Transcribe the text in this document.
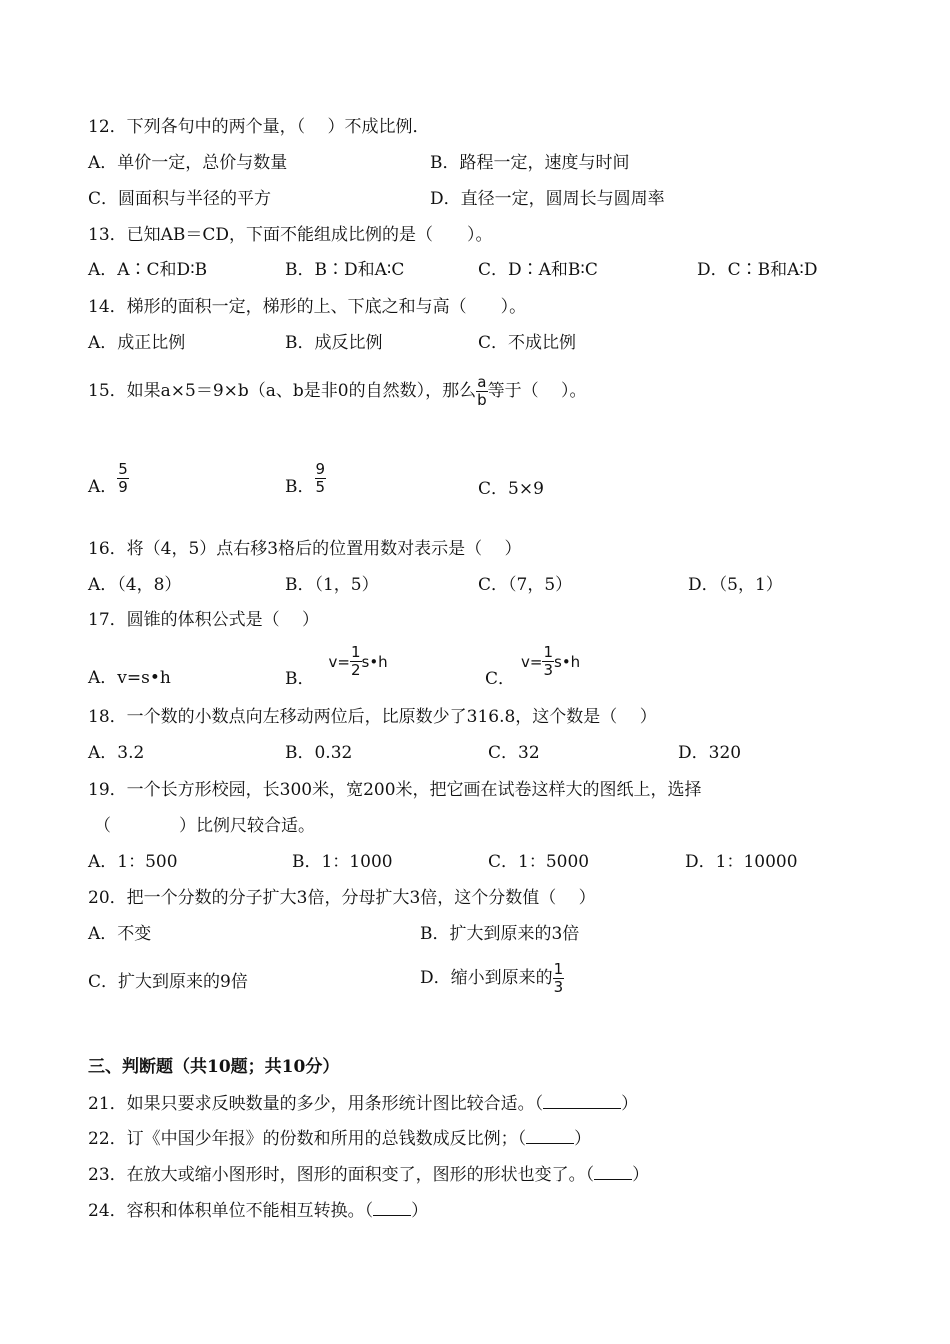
12．下列各句中的两个量，（　 ）不成比例．
A．单价一定，总价与数量	B．路程一定，速度与时间
C．圆面积与半径的平方	D．直径一定，圆周长与圆周率
13．已知AB＝CD，下面不能组成比例的是（　　）。
A．A∶C和D∶B	B．B∶D和A∶C	C．D∶A和B∶C	D．C∶B和A∶D
14．梯形的面积一定，梯形的上、下底之和与高（　　）。
A．成正比例	B．成反比例	C．不成比例
15．如果a×5＝9×b（a、b是非0的自然数），那么 $\frac{a}{b}$ 等于（　 ）。
A． $\frac{5}{9}$	B． $\frac{9}{5}$	C．5×9
16．将（4，5）点右移3格后的位置用数对表示是（　 ）
A．（4，8）	B．（1，5）	C．（7，5）	D．（5，1）
17．圆锥的体积公式是（　 ）
A．v=s•h	B．
$v= \frac{1}{2}$ s•h
C．
$v= \frac{1}{3}$ s•h
18．一个数的小数点向左移动两位后，比原数少了316.8，这个数是（　 ）
A．3.2	B．0.32	C．32	D．320
19．一个长方形校园，长300米，宽200米，把它画在试卷这样大的图纸上，选择
（　　　　）比例尺较合适。
A．1：500	B．1：1000	C．1：5000	D．1：10000
20．把一个分数的分子扩大3倍，分母扩大3倍，这个分数值（　 ）
A．不变	B．扩大到原来的3倍
C．扩大到原来的9倍	D．缩小到原来的 $\frac{1}{3}$
三、判断题（共10题；共10分）
21．如果只要求反映数量的多少，用条形统计图比较合适。（	）
22．订《中国少年报》的份数和所用的总钱数成反比例；（	）
23．在放大或缩小图形时，图形的面积变了，图形的形状也变了。（ ）
24．容积和体积单位不能相互转换。（ ）
